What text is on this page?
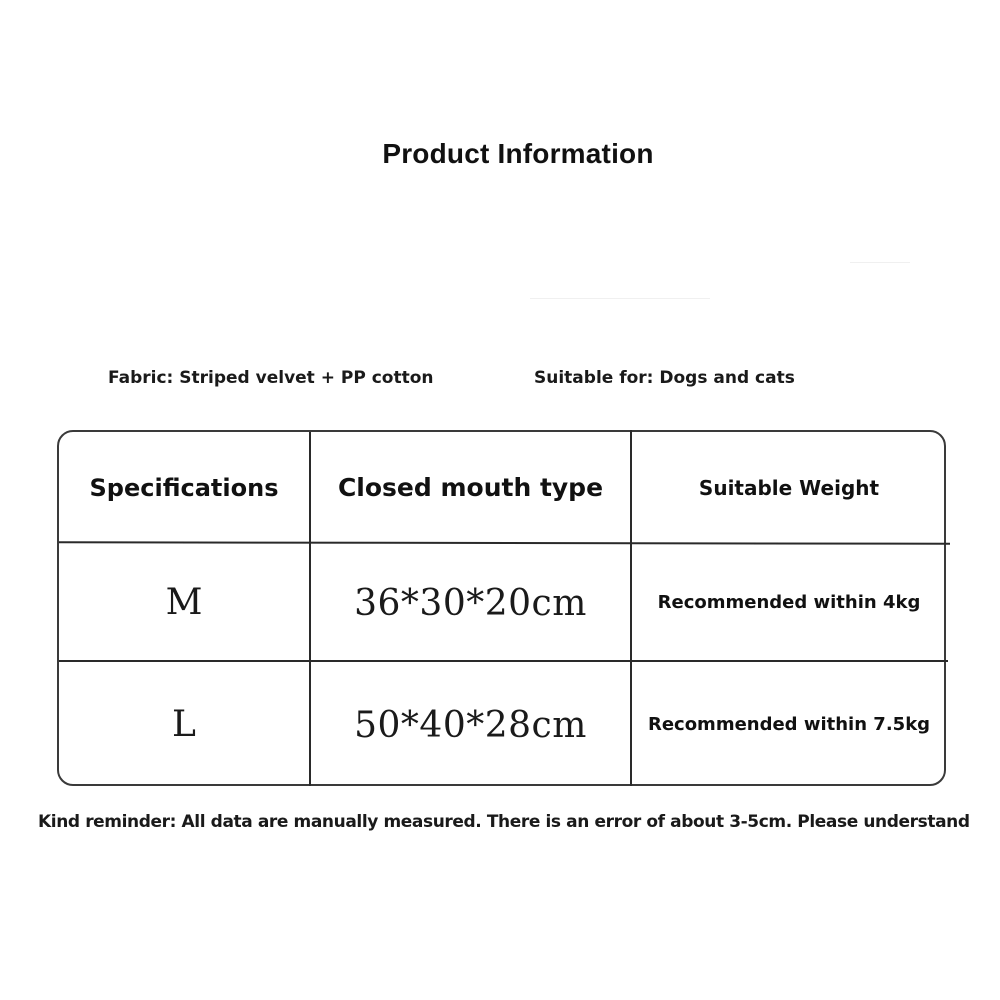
Product Information
Fabric: Striped velvet + PP cotton	Suitable for: Dogs and cats
Specifications	Closed mouth type	Suitable Weight
M	36*30*20cm	Recommended within 4kg
L	50*40*28cm	Recommended within 7.5kg
Kind reminder: All data are manually measured. There is an error of about 3-5cm. Please understand
